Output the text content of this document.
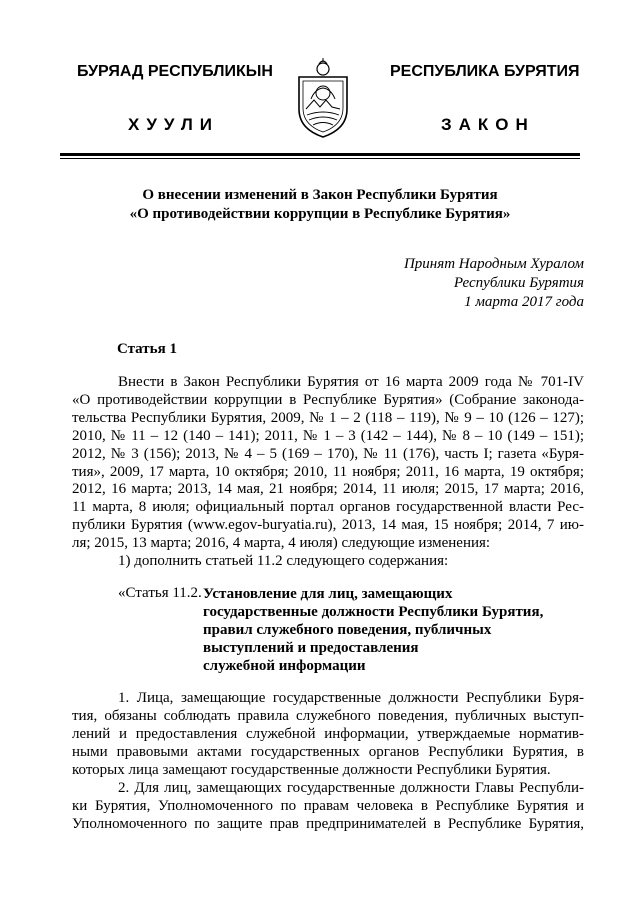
БУРЯАД РЕСПУБЛИКЫН
ХУУЛИ
РЕСПУБЛИКА БУРЯТИЯ
ЗАКОН
О внесении изменений в Закон Республики Бурятия
«О противодействии коррупции в Республике Бурятия»
Принят Народным Хуралом
Республики Бурятия
1 марта 2017 года
Статья 1
Внести в Закон Республики Бурятия от 16 марта 2009 года № 701-IV
«О противодействии коррупции в Республике Бурятия» (Собрание законода-
тельства Республики Бурятия, 2009, № 1 – 2 (118 – 119), № 9 – 10 (126 – 127);
2010, № 11 – 12 (140 – 141); 2011, № 1 – 3 (142 – 144), № 8 – 10 (149 – 151);
2012, № 3 (156); 2013, № 4 – 5 (169 – 170), № 11 (176), часть I; газета «Буря-
тия», 2009, 17 марта, 10 октября; 2010, 11 ноября; 2011, 16 марта, 19 октября;
2012, 16 марта; 2013, 14 мая, 21 ноября; 2014, 11 июля; 2015, 17 марта; 2016,
11 марта, 8 июля; официальный портал органов государственной власти Рес-
публики Бурятия (www.egov-buryatia.ru), 2013, 14 мая, 15 ноября; 2014, 7 ию-
ля; 2015, 13 марта; 2016, 4 марта, 4 июля) следующие изменения:
1) дополнить статьей 11.2 следующего содержания:
«Статья 11.2. Установление для лиц, замещающих
государственные должности Республики Бурятия,
правил служебного поведения, публичных
выступлений и предоставления
служебной информации
1. Лица, замещающие государственные должности Республики Буря-
тия, обязаны соблюдать правила служебного поведения, публичных выступ-
лений и предоставления служебной информации, утверждаемые норматив-
ными правовыми актами государственных органов Республики Бурятия, в
которых лица замещают государственные должности Республики Бурятия.
2. Для лиц, замещающих государственные должности Главы Республи-
ки Бурятия, Уполномоченного по правам человека в Республике Бурятия и
Уполномоченного по защите прав предпринимателей в Республике Бурятия,
